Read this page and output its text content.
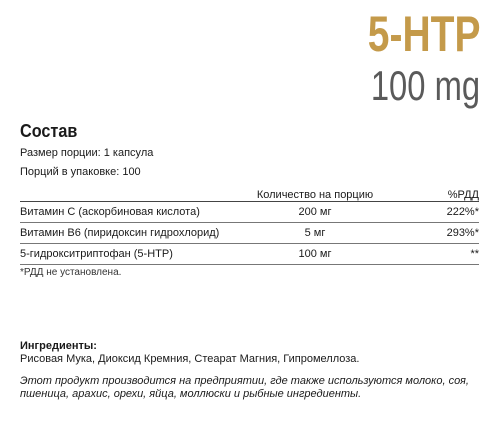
5-HTP
100 mg
Состав
Размер порции: 1 капсула
Порций в упаковке: 100
	Количество на порцию	%РДД
Витамин С (аскорбиновая кислота)	200 мг	222%*
Витамин В6 (пиридоксин гидрохлорид)	5 мг	293%*
5-гидрокситриптофан (5-HTP)	100 мг	**
*РДД не установлена.
Ингредиенты:
Рисовая Мука, Диоксид Кремния, Стеарат Магния, Гипромеллоза.
Этот продукт производится на предприятии, где также используются молоко, соя, пшеница, арахис, орехи, яйца, моллюски и рыбные ингредиенты.
